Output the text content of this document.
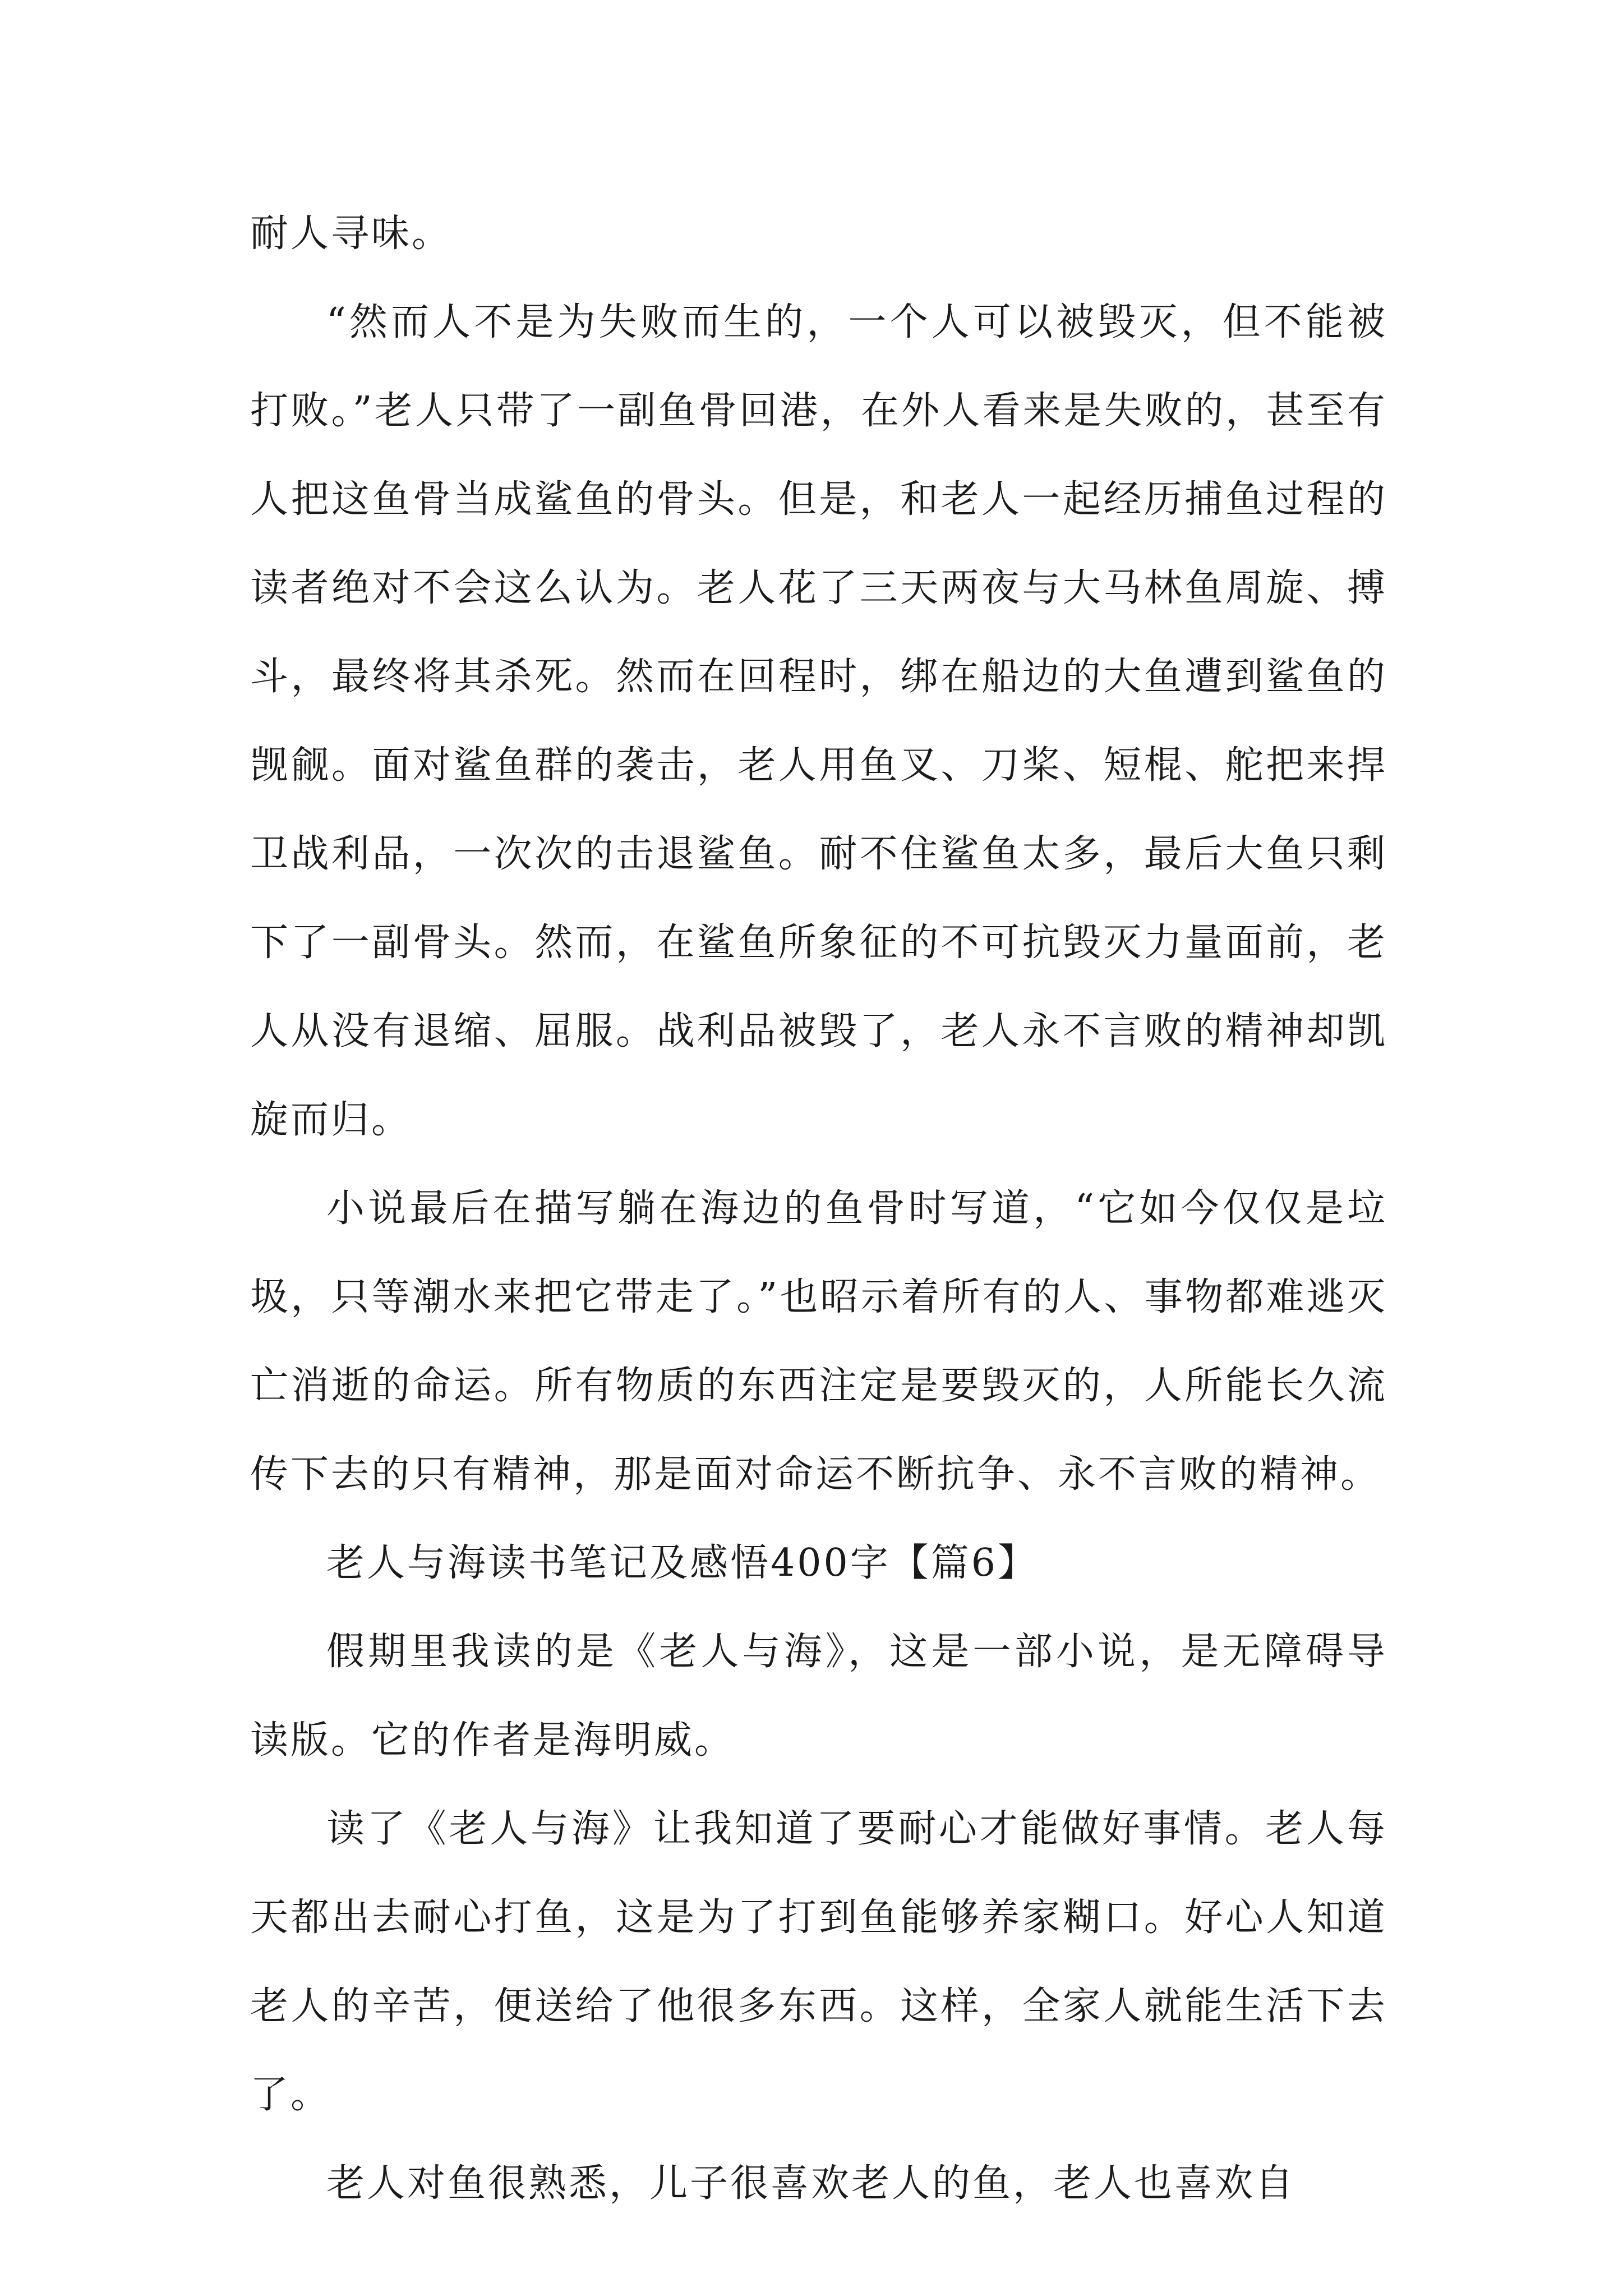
耐人寻味。

“然而人不是为失败而生的，一个人可以被毁灭，但不能被打败。”老人只带了一副鱼骨回港，在外人看来是失败的，甚至有人把这鱼骨当成鲨鱼的骨头。但是，和老人一起经历捕鱼过程的读者绝对不会这么认为。老人花了三天两夜与大马林鱼周旋、搏斗，最终将其杀死。然而在回程时，绑在船边的大鱼遭到鲨鱼的觊觎。面对鲨鱼群的袭击，老人用鱼叉、刀桨、短棍、舵把来捍卫战利品，一次次的击退鲨鱼。耐不住鲨鱼太多，最后大鱼只剩下了一副骨头。然而，在鲨鱼所象征的不可抗毁灭力量面前，老人从没有退缩、屈服。战利品被毁了，老人永不言败的精神却凯旋而归。

小说最后在描写躺在海边的鱼骨时写道，“它如今仅仅是垃圾，只等潮水来把它带走了。”也昭示着所有的人、事物都难逃灭亡消逝的命运。所有物质的东西注定是要毁灭的，人所能长久流传下去的只有精神，那是面对命运不断抗争、永不言败的精神。

老人与海读书笔记及感悟400字【篇6】

假期里我读的是《老人与海》，这是一部小说，是无障碍导读版。它的作者是海明威。

读了《老人与海》让我知道了要耐心才能做好事情。老人每天都出去耐心打鱼，这是为了打到鱼能够养家糊口。好心人知道老人的辛苦，便送给了他很多东西。这样，全家人就能生活下去了。

老人对鱼很熟悉，儿子很喜欢老人的鱼，老人也喜欢自
